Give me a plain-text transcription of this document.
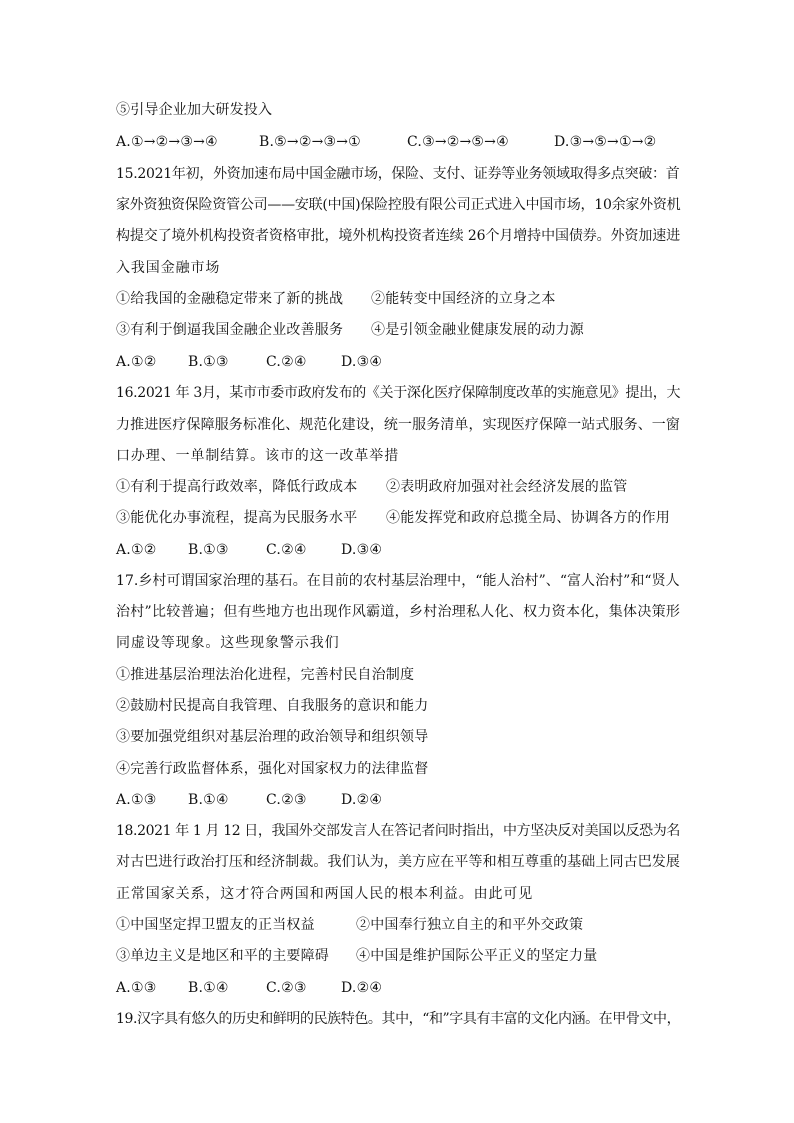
⑤引导企业加大研发投入
A.①→②→③→④	B.⑤→②→③→①	C.③→②→⑤→④	D.③→⑤→①→②
15.2021年初，外资加速布局中国金融市场，保险、支付、证券等业务领域取得多点突破：首
家外资独资保险资管公司——安联(中国)保险控股有限公司正式进入中国市场，10余家外资机
构提交了境外机构投资者资格审批，境外机构投资者连续 26个月增持中国债券。外资加速进
入我国金融市场
①给我国的金融稳定带来了新的挑战 ②能转变中国经济的立身之本
③有利于倒逼我国金融企业改善服务 ④是引领金融业健康发展的动力源
A.①② B.①③	C.②④ D.③④
16.2021 年 3月，某市市委市政府发布的《关于深化医疗保障制度改革的实施意见》提出，大
力推进医疗保障服务标准化、规范化建设，统一服务清单，实现医疗保障一站式服务、一窗
口办理、一单制结算。该市的这一改革举措
①有利于提高行政效率，降低行政成本 ②表明政府加强对社会经济发展的监管
③能优化办事流程，提高为民服务水平 ④能发挥党和政府总揽全局、协调各方的作用
A.①② B.①③	C.②④ D.③④
17.乡村可谓国家治理的基石。在目前的农村基层治理中，“能人治村”、“富人治村”和“贤人
治村”比较普遍；但有些地方也出现作风霸道，乡村治理私人化、权力资本化，集体决策形
同虚设等现象。这些现象警示我们
①推进基层治理法治化进程，完善村民自治制度
②鼓励村民提高自我管理、自我服务的意识和能力
③要加强党组织对基层治理的政治领导和组织领导
④完善行政监督体系，强化对国家权力的法律监督
A.①③ B.①④	C.②③ D.②④
18.2021 年 1 月 12 日，我国外交部发言人在答记者问时指出，中方坚决反对美国以反恐为名
对古巴进行政治打压和经济制裁。我们认为，美方应在平等和相互尊重的基础上同古巴发展
正常国家关系，这才符合两国和两国人民的根本利益。由此可见
①中国坚定捍卫盟友的正当权益	②中国奉行独立自主的和平外交政策
③单边主义是地区和平的主要障碍 ④中国是维护国际公平正义的坚定力量
A.①③ B.①④	C.②③ D.②④
19.汉字具有悠久的历史和鲜明的民族特色。其中，“和”字具有丰富的文化内涵。在甲骨文中，
